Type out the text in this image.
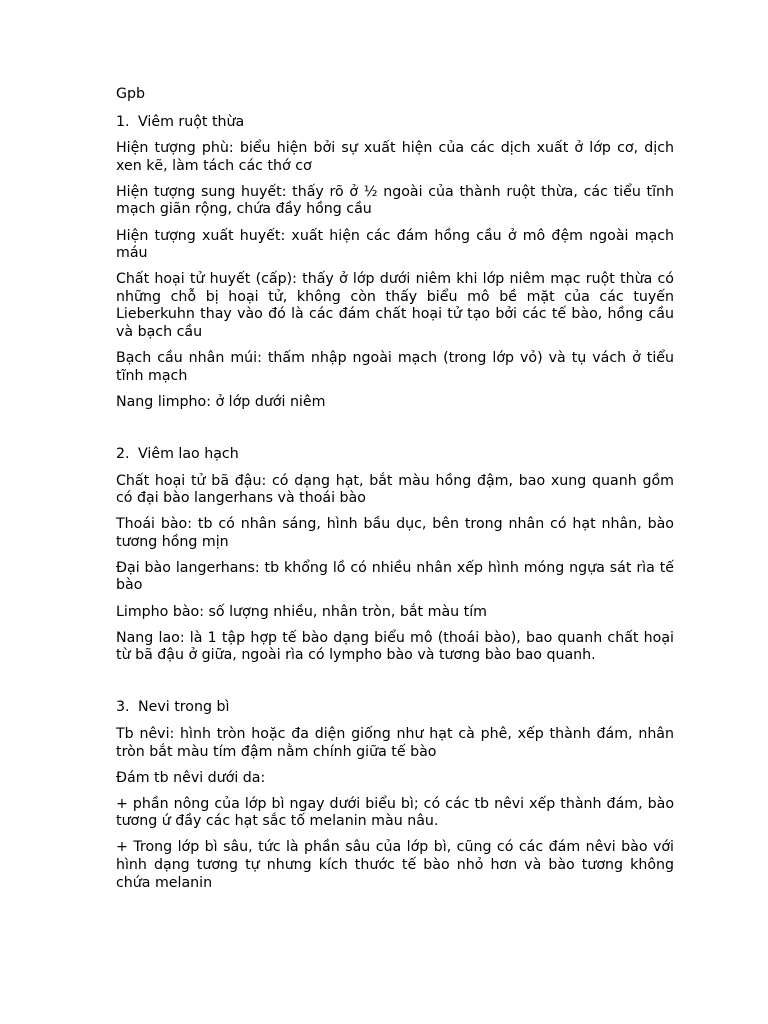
Gpb

1. Viêm ruột thừa

Hiện tượng phù: biểu hiện bởi sự xuất hiện của các dịch xuất ở lớp cơ, dịch xen kẽ, làm tách các thớ cơ

Hiện tượng sung huyết: thấy rõ ở ½ ngoài của thành ruột thừa, các tiểu tĩnh mạch giãn rộng, chứa đầy hồng cầu

Hiện tượng xuất huyết: xuất hiện các đám hồng cầu ở mô đệm ngoài mạch máu

Chất hoại tử huyết (cấp): thấy ở lớp dưới niêm khi lớp niêm mạc ruột thừa có những chỗ bị hoại tử, không còn thấy biểu mô bề mặt của các tuyến Lieberkuhn thay vào đó là các đám chất hoại tử tạo bởi các tế bào, hồng cầu và bạch cầu

Bạch cầu nhân múi: thấm nhập ngoài mạch (trong lớp vỏ) và tụ vách ở tiểu tĩnh mạch

Nang limpho: ở lớp dưới niêm

2. Viêm lao hạch

Chất hoại tử bã đậu: có dạng hạt, bắt màu hồng đậm, bao xung quanh gồm có đại bào langerhans và thoái bào

Thoái bào: tb có nhân sáng, hình bầu dục, bên trong nhân có hạt nhân, bào tương hồng mịn

Đại bào langerhans: tb khổng lồ có nhiều nhân xếp hình móng ngựa sát rìa tế bào

Limpho bào: số lượng nhiều, nhân tròn, bắt màu tím

Nang lao: là 1 tập hợp tế bào dạng biểu mô (thoái bào), bao quanh chất hoại từ bã đậu ở giữa, ngoài rìa có lympho bào và tương bào bao quanh.

3. Nevi trong bì

Tb nêvi: hình tròn hoặc đa diện giống như hạt cà phê, xếp thành đám, nhân tròn bắt màu tím đậm nằm chính giữa tế bào

Đám tb nêvi dưới da:

+ phần nông của lớp bì ngay dưới biểu bì; có các tb nêvi xếp thành đám, bào tương ứ đầy các hạt sắc tố melanin màu nâu.

+ Trong lớp bì sâu, tức là phần sâu của lớp bì, cũng có các đám nêvi bào với hình dạng tương tự nhưng kích thước tế bào nhỏ hơn và bào tương không chứa melanin
